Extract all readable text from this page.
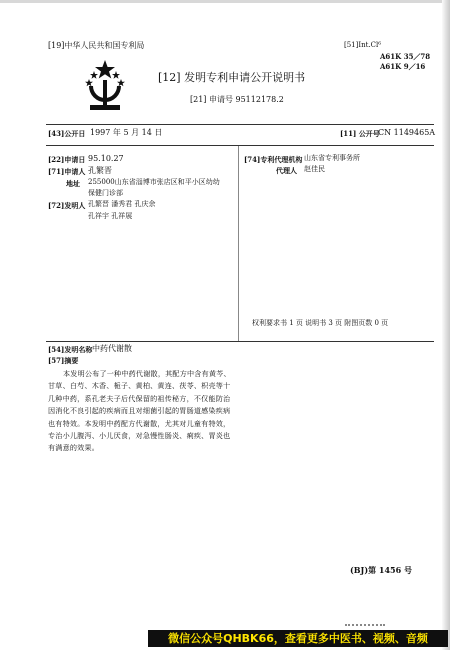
[19]中华人民共和国专利局	[51]Int.Cl⁶
A61K 35／78
A61K 9／16
[12] 发明专利申请公开说明书
[21] 申请号 95112178.2
[43]公开日 1997 年 5 月 14 日	[11] 公开号
CN 1149465A
[22]申请日 95.10.27
[71]申请人 孔繁晋
地址 255000山东省淄博市张店区和平小区幼幼
保健门诊部
[72]发明人 孔繁晋 潘秀君 孔庆余
孔祥宇 孔祥展
[74]专利代理机构 山东省专利事务所
代理人 赵佳民
权利要求书 1 页 说明书 3 页 附图页数 0 页
[54]发明名称 中药代谢散
[57]摘要
本发明公布了一种中药代谢散，其配方中含有黄芩、甘草、白芍、木香、栀子、黄柏、黄连、茯苓、枳壳等十几种中药，系孔老夫子后代保留的祖传秘方，不仅能防治因消化不良引起的疾病而且对细菌引起的胃肠道感染疾病也有特效。本发明中药配方代谢散，尤其对儿童有特效，专治小儿腹泻、小儿厌食，对急慢性肠炎、痢疾、胃炎也有满意的效果。
(BJ)第 1456 号
微信公众号QHBK66，查看更多中医书、视频、音频
